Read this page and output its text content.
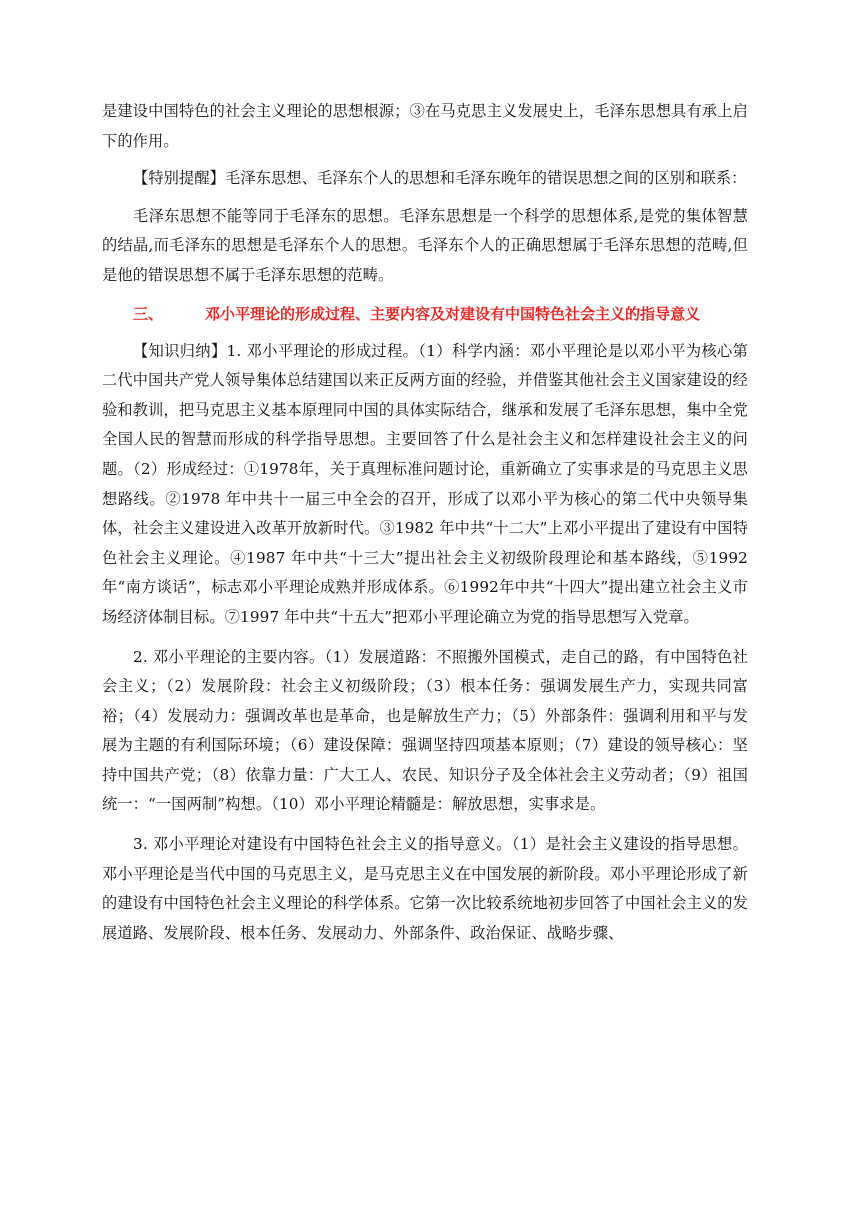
是建设中国特色的社会主义理论的思想根源；③在马克思主义发展史上，毛泽东思想具有承上启下的作用。

【特别提醒】毛泽东思想、毛泽东个人的思想和毛泽东晚年的错误思想之间的区别和联系：

毛泽东思想不能等同于毛泽东的思想。毛泽东思想是一个科学的思想体系,是党的集体智慧的结晶,而毛泽东的思想是毛泽东个人的思想。毛泽东个人的正确思想属于毛泽东思想的范畴,但是他的错误思想不属于毛泽东思想的范畴。

三、	邓小平理论的形成过程、主要内容及对建设有中国特色社会主义的指导意义

【知识归纳】1. 邓小平理论的形成过程。（1）科学内涵：邓小平理论是以邓小平为核心第二代中国共产党人领导集体总结建国以来正反两方面的经验，并借鉴其他社会主义国家建设的经验和教训，把马克思主义基本原理同中国的具体实际结合，继承和发展了毛泽东思想，集中全党全国人民的智慧而形成的科学指导思想。主要回答了什么是社会主义和怎样建设社会主义的问题。（2）形成经过：①1978年，关于真理标准问题讨论，重新确立了实事求是的马克思主义思想路线。②1978 年中共十一届三中全会的召开，形成了以邓小平为核心的第二代中央领导集体，社会主义建设进入改革开放新时代。③1982 年中共“十二大”上邓小平提出了建设有中国特色社会主义理论。④1987 年中共“十三大”提出社会主义初级阶段理论和基本路线，⑤1992年“南方谈话”，标志邓小平理论成熟并形成体系。⑥1992年中共“十四大”提出建立社会主义市场经济体制目标。⑦1997 年中共“十五大”把邓小平理论确立为党的指导思想写入党章。

2. 邓小平理论的主要内容。（1）发展道路：不照搬外国模式，走自己的路，有中国特色社会主义；（2）发展阶段：社会主义初级阶段；（3）根本任务：强调发展生产力，实现共同富裕；（4）发展动力：强调改革也是革命，也是解放生产力；（5）外部条件：强调利用和平与发展为主题的有利国际环境；（6）建设保障：强调坚持四项基本原则；（7）建设的领导核心：坚持中国共产党；（8）依靠力量：广大工人、农民、知识分子及全体社会主义劳动者；（9）祖国统一：“一国两制”构想。（10）邓小平理论精髓是：解放思想，实事求是。

3. 邓小平理论对建设有中国特色社会主义的指导意义。（1）是社会主义建设的指导思想。邓小平理论是当代中国的马克思主义，是马克思主义在中国发展的新阶段。邓小平理论形成了新的建设有中国特色社会主义理论的科学体系。它第一次比较系统地初步回答了中国社会主义的发展道路、发展阶段、根本任务、发展动力、外部条件、政治保证、战略步骤、
